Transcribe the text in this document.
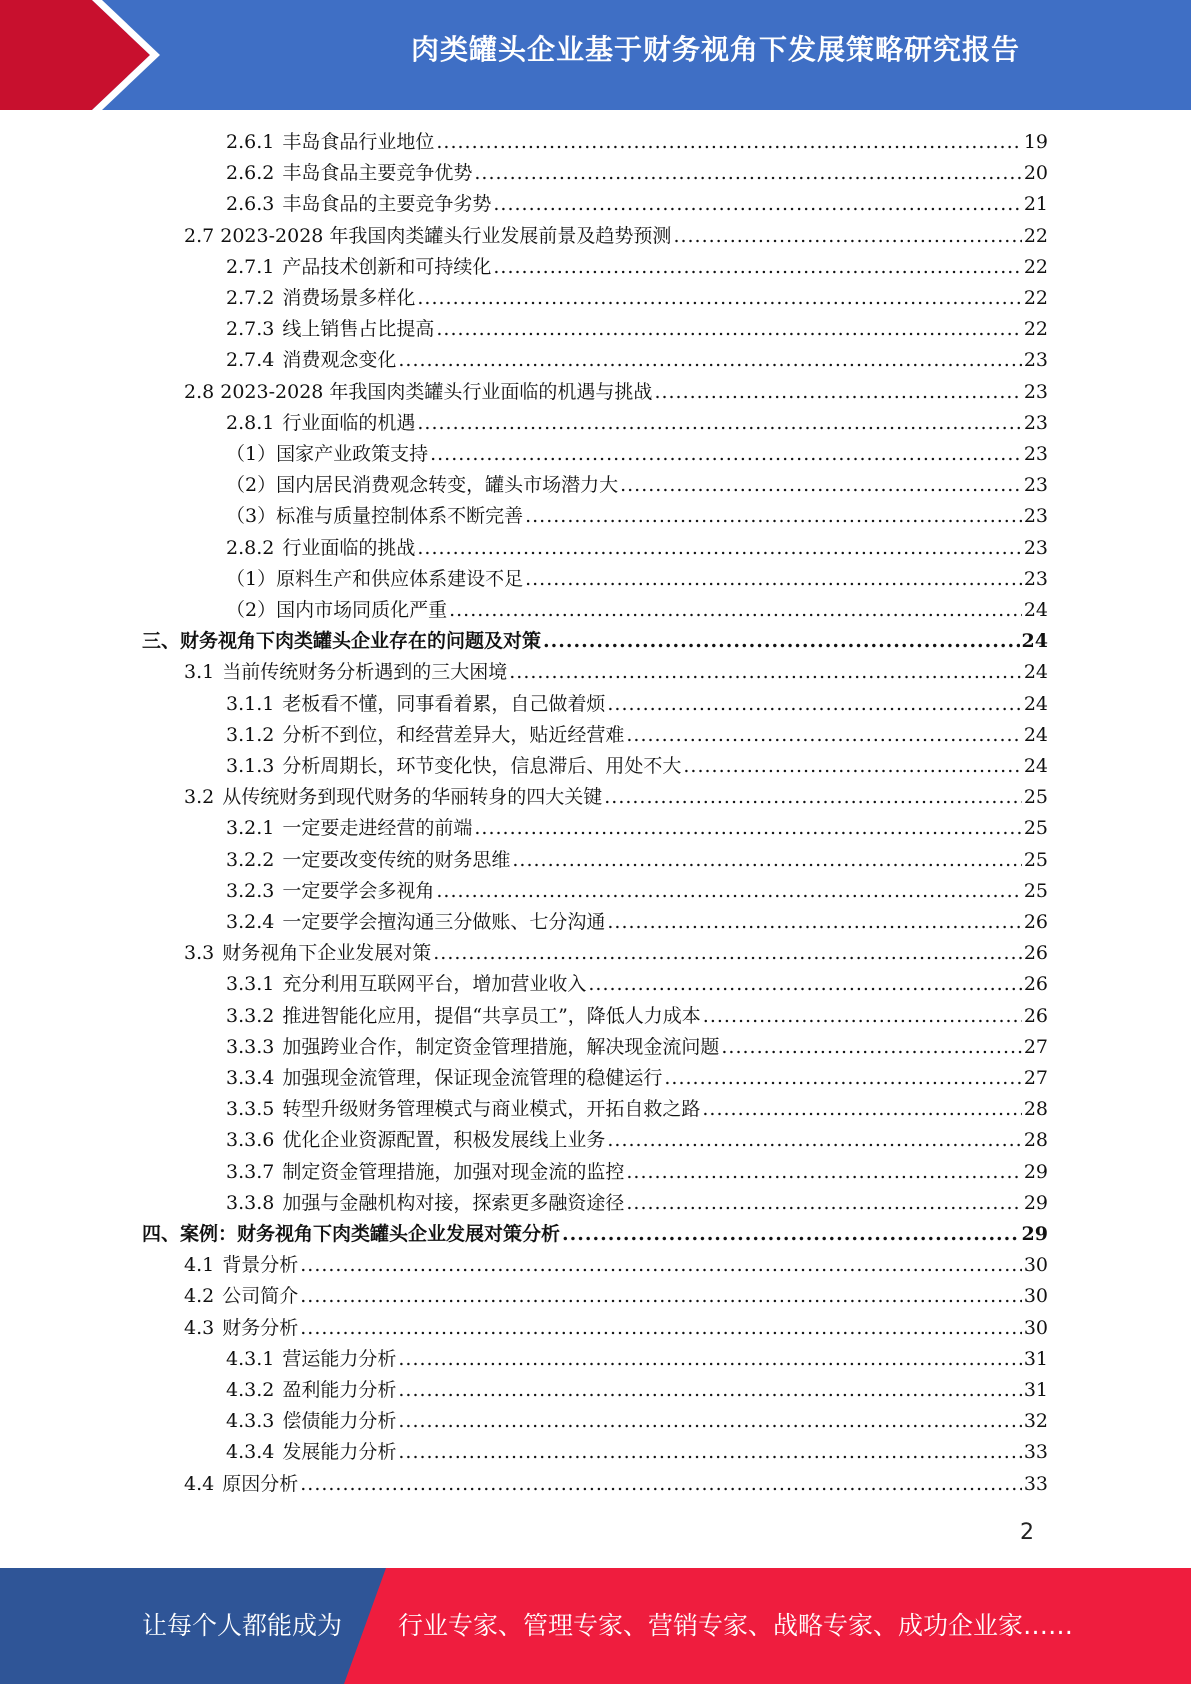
肉类罐头企业基于财务视角下发展策略研究报告
2.6.1 丰岛食品行业地位 .....	19
2.6.2 丰岛食品主要竞争优势 .....	20
2.6.3 丰岛食品的主要竞争劣势 .....	21
2.7 2023-2028 年我国肉类罐头行业发展前景及趋势预测 .....	22
2.7.1 产品技术创新和可持续化 .....	22
2.7.2 消费场景多样化 .....	22
2.7.3 线上销售占比提高 .....	22
2.7.4 消费观念变化 .....	23
2.8 2023-2028 年我国肉类罐头行业面临的机遇与挑战 .....	23
2.8.1 行业面临的机遇 .....	23
（1）国家产业政策支持 .....	23
（2）国内居民消费观念转变，罐头市场潜力大 .....	23
（3）标准与质量控制体系不断完善 .....	23
2.8.2 行业面临的挑战 .....	23
（1）原料生产和供应体系建设不足 .....	23
（2）国内市场同质化严重 .....	24
三、财务视角下肉类罐头企业存在的问题及对策 .....	24
3.1 当前传统财务分析遇到的三大困境 .....	24
3.1.1 老板看不懂，同事看着累，自己做着烦 .....	24
3.1.2 分析不到位，和经营差异大，贴近经营难 .....	24
3.1.3 分析周期长，环节变化快，信息滞后、用处不大 .....	24
3.2 从传统财务到现代财务的华丽转身的四大关键 .....	25
3.2.1 一定要走进经营的前端 .....	25
3.2.2 一定要改变传统的财务思维 .....	25
3.2.3 一定要学会多视角 .....	25
3.2.4 一定要学会擅沟通三分做账、七分沟通 .....	26
3.3 财务视角下企业发展对策 .....	26
3.3.1 充分利用互联网平台，增加营业收入 .....	26
3.3.2 推进智能化应用，提倡“共享员工”，降低人力成本 .....	26
3.3.3 加强跨业合作，制定资金管理措施，解决现金流问题 .....	27
3.3.4 加强现金流管理，保证现金流管理的稳健运行 .....	27
3.3.5 转型升级财务管理模式与商业模式，开拓自救之路 .....	28
3.3.6 优化企业资源配置，积极发展线上业务 .....	28
3.3.7 制定资金管理措施，加强对现金流的监控 .....	29
3.3.8 加强与金融机构对接，探索更多融资途径 .....	29
四、案例：财务视角下肉类罐头企业发展对策分析 .....	29
4.1 背景分析 .....	30
4.2 公司简介 .....	30
4.3 财务分析 .....	30
4.3.1 营运能力分析 .....	31
4.3.2 盈利能力分析 .....	31
4.3.3 偿债能力分析 .....	32
4.3.4 发展能力分析 .....	33
4.4 原因分析 .....	33
2
让每个人都能成为 行业专家、管理专家、营销专家、战略专家、成功企业家……
